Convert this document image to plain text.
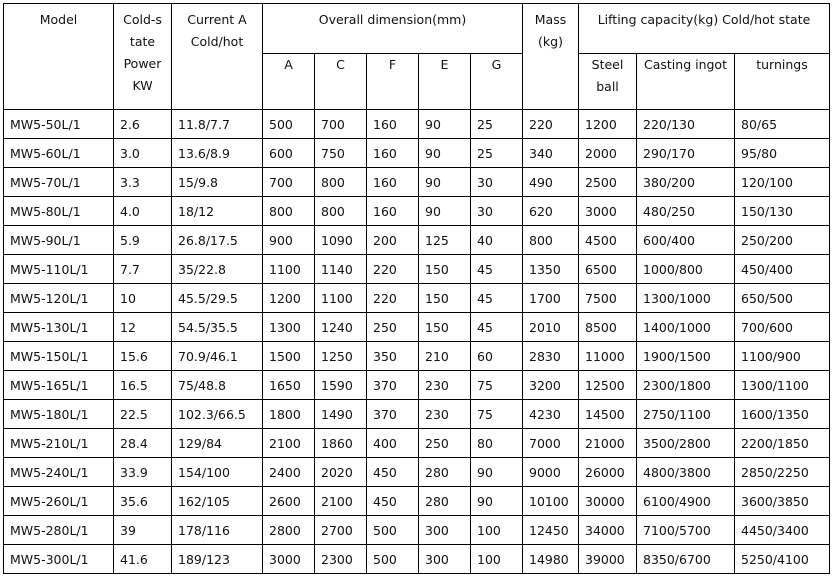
Model	Cold-s tate Power KW	Current A Cold/hot	Overall dimension(mm)					Mass (kg)	Lifting capacity(kg) Cold/hot state		
			A	C	F	E	G		Steel ball	Casting ingot	turnings
MW5-50L/1	2.6	11.8/7.7	500	700	160	90	25	220	1200	220/130	80/65
MW5-60L/1	3.0	13.6/8.9	600	750	160	90	25	340	2000	290/170	95/80
MW5-70L/1	3.3	15/9.8	700	800	160	90	30	490	2500	380/200	120/100
MW5-80L/1	4.0	18/12	800	800	160	90	30	620	3000	480/250	150/130
MW5-90L/1	5.9	26.8/17.5	900	1090	200	125	40	800	4500	600/400	250/200
MW5-110L/1	7.7	35/22.8	1100	1140	220	150	45	1350	6500	1000/800	450/400
MW5-120L/1	10	45.5/29.5	1200	1100	220	150	45	1700	7500	1300/1000	650/500
MW5-130L/1	12	54.5/35.5	1300	1240	250	150	45	2010	8500	1400/1000	700/600
MW5-150L/1	15.6	70.9/46.1	1500	1250	350	210	60	2830	11000	1900/1500	1100/900
MW5-165L/1	16.5	75/48.8	1650	1590	370	230	75	3200	12500	2300/1800	1300/1100
MW5-180L/1	22.5	102.3/66.5	1800	1490	370	230	75	4230	14500	2750/1100	1600/1350
MW5-210L/1	28.4	129/84	2100	1860	400	250	80	7000	21000	3500/2800	2200/1850
MW5-240L/1	33.9	154/100	2400	2020	450	280	90	9000	26000	4800/3800	2850/2250
MW5-260L/1	35.6	162/105	2600	2100	450	280	90	10100	30000	6100/4900	3600/3850
MW5-280L/1	39	178/116	2800	2700	500	300	100	12450	34000	7100/5700	4450/3400
MW5-300L/1	41.6	189/123	3000	2300	500	300	100	14980	39000	8350/6700	5250/4100
